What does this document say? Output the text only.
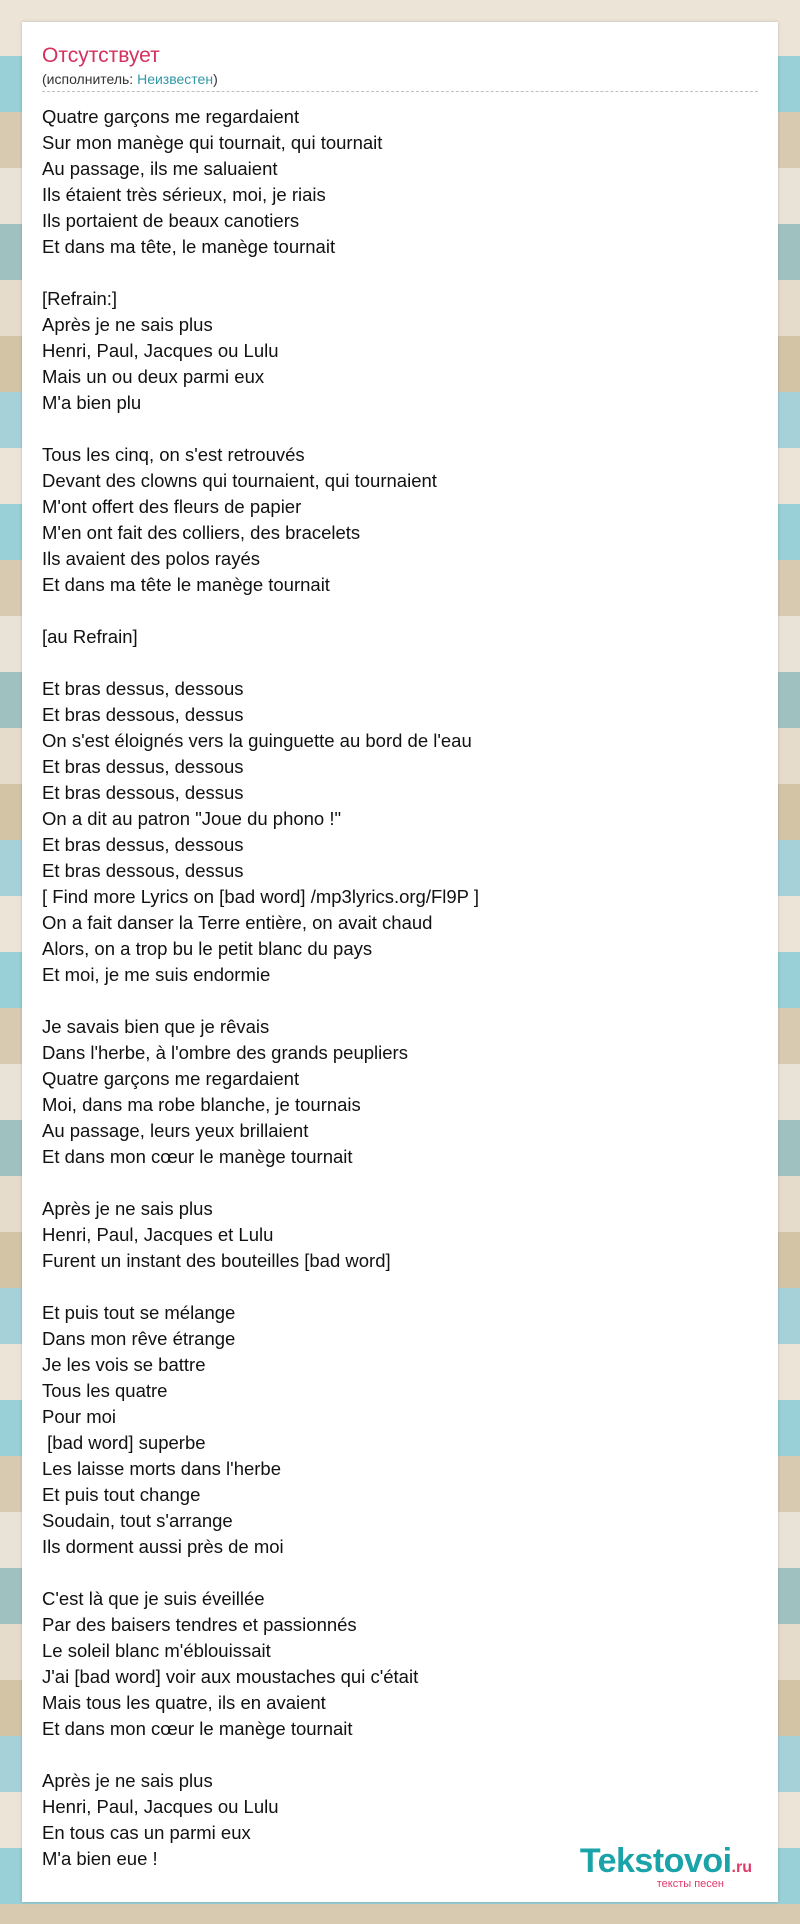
Отсутствует
(исполнитель: Неизвестен)
Quatre garçons me regardaient
Sur mon manège qui tournait, qui tournait
Au passage, ils me saluaient
Ils étaient très sérieux, moi, je riais
Ils portaient de beaux canotiers
Et dans ma tête, le manège tournait
[Refrain:]
Après je ne sais plus
Henri, Paul, Jacques ou Lulu
Mais un ou deux parmi eux
M'a bien plu
Tous les cinq, on s'est retrouvés
Devant des clowns qui tournaient, qui tournaient
M'ont offert des fleurs de papier
M'en ont fait des colliers, des bracelets
Ils avaient des polos rayés
Et dans ma tête le manège tournait
[au Refrain]
Et bras dessus, dessous
Et bras dessous, dessus
On s'est éloignés vers la guinguette au bord de l'eau
Et bras dessus, dessous
Et bras dessous, dessus
On a dit au patron "Joue du phono !"
Et bras dessus, dessous
Et bras dessous, dessus
[ Find more Lyrics on [bad word] /mp3lyrics.org/Fl9P ]
On a fait danser la Terre entière, on avait chaud
Alors, on a trop bu le petit blanc du pays
Et moi, je me suis endormie
Je savais bien que je rêvais
Dans l'herbe, à l'ombre des grands peupliers
Quatre garçons me regardaient
Moi, dans ma robe blanche, je tournais
Au passage, leurs yeux brillaient
Et dans mon cœur le manège tournait
Après je ne sais plus
Henri, Paul, Jacques et Lulu
Furent un instant des bouteilles [bad word]
Et puis tout se mélange
Dans mon rêve étrange
Je les vois se battre
Tous les quatre
Pour moi
[bad word] superbe
Les laisse morts dans l'herbe
Et puis tout change
Soudain, tout s'arrange
Ils dorment aussi près de moi
C'est là que je suis éveillée
Par des baisers tendres et passionnés
Le soleil blanc m'éblouissait
J'ai [bad word] voir aux moustaches qui c'était
Mais tous les quatre, ils en avaient
Et dans mon cœur le manège tournait
Après je ne sais plus
Henri, Paul, Jacques ou Lulu
En tous cas un parmi eux
M'a bien eue !	Tekstovoi.ru
тексты песен
